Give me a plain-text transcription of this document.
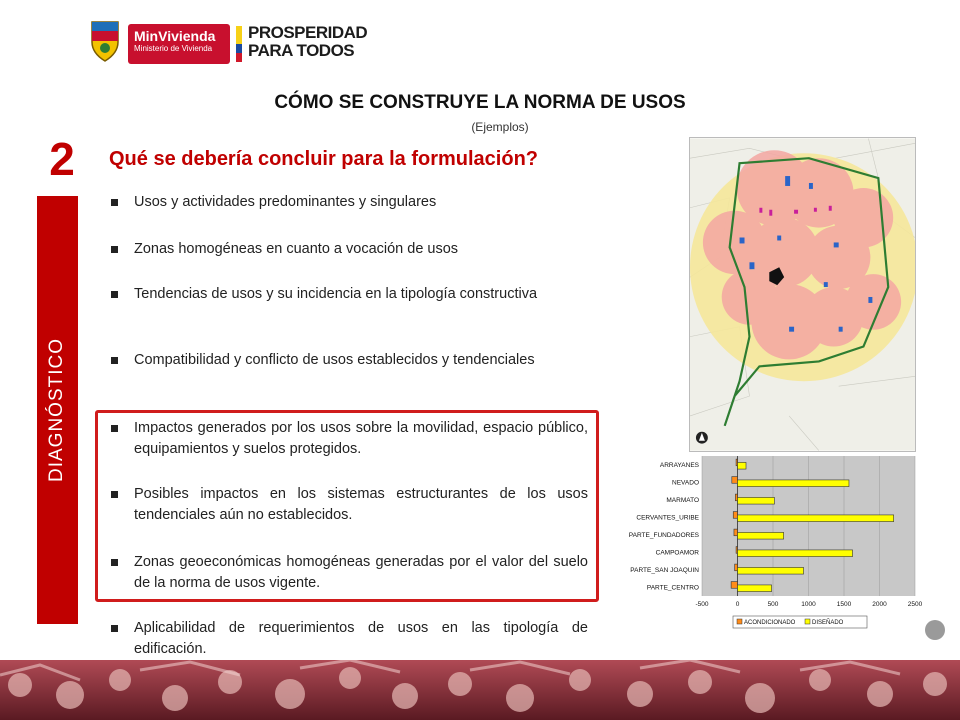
MinVivienda
Ministerio de Vivienda
PROSPERIDAD
PARA TODOS
CÓMO SE CONSTRUYE LA NORMA DE USOS
(Ejemplos)
2	Qué se debería concluir para la formulación?
DIAGNÓSTICO
Usos y actividades predominantes y singulares
Zonas homogéneas en cuanto a vocación de usos
Tendencias de usos y su incidencia en la tipología constructiva
Compatibilidad y conflicto de usos establecidos y tendenciales
Impactos generados por los usos sobre la movilidad, espacio público, equipamientos y suelos protegidos.
Posibles impactos en los sistemas estructurantes de los usos tendenciales aún no establecidos.
Zonas geoeconómicas homogéneas generadas por el valor del suelo de la norma de usos vigente.
Aplicabilidad de requerimientos de usos en las tipología de edificación.
ARRAYANES
NEVADO
MARMATO
CERVANTES_URIBE
PARTE_FUNDADORES
CAMPOAMOR
PARTE_SAN JOAQUIN
PARTE_CENTRO
-500	0	500	1000	1500	2000	2500
ACONDICIONADO	DISEÑADO
